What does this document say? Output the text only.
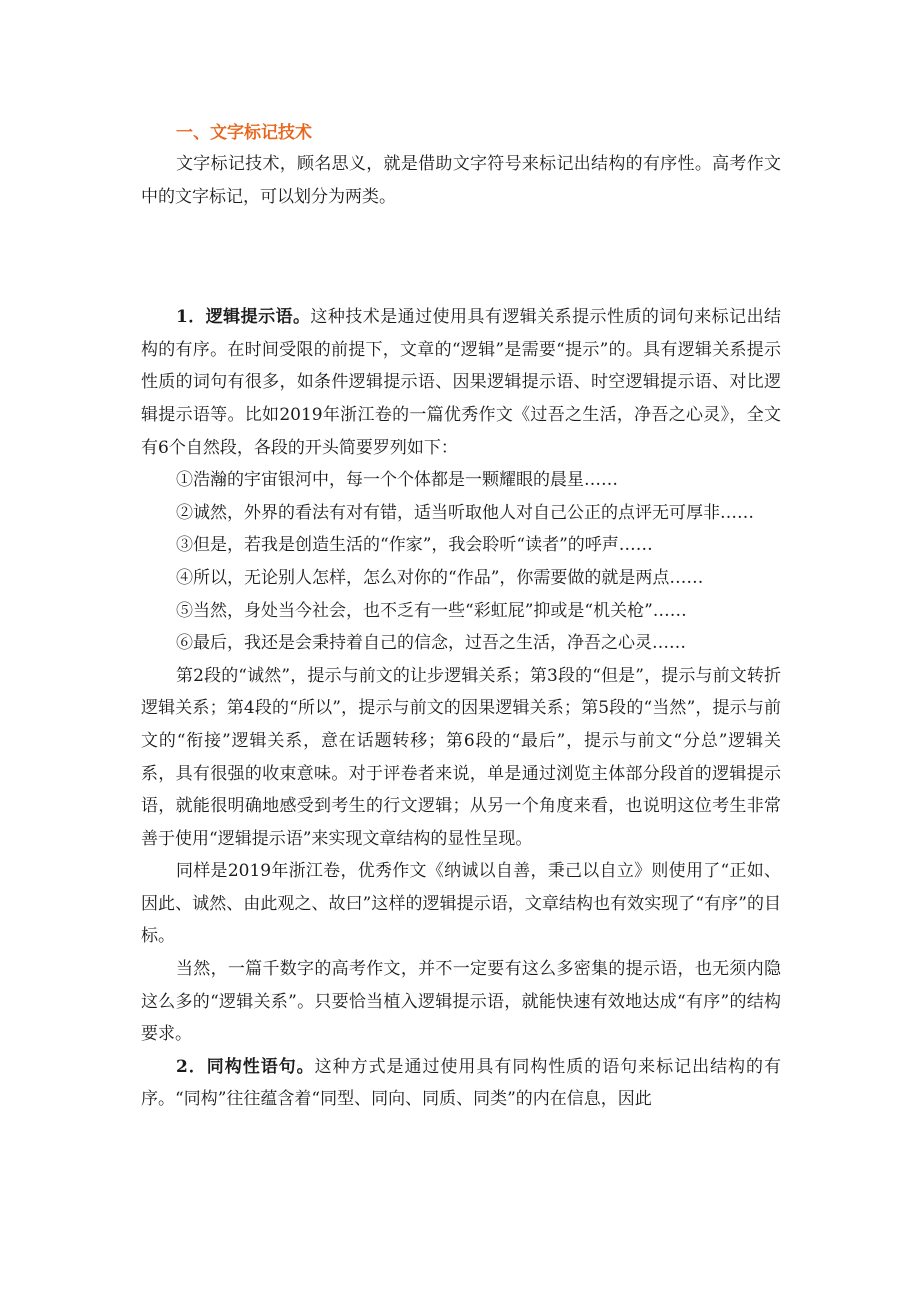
一、文字标记技术

文字标记技术，顾名思义，就是借助文字符号来标记出结构的有序性。高考作文中的文字标记，可以划分为两类。

1．逻辑提示语。这种技术是通过使用具有逻辑关系提示性质的词句来标记出结构的有序。在时间受限的前提下，文章的“逻辑”是需要“提示”的。具有逻辑关系提示性质的词句有很多，如条件逻辑提示语、因果逻辑提示语、时空逻辑提示语、对比逻辑提示语等。比如2019年浙江卷的一篇优秀作文《过吾之生活，净吾之心灵》，全文有6个自然段，各段的开头简要罗列如下：

①浩瀚的宇宙银河中，每一个个体都是一颗耀眼的晨星……

②诚然，外界的看法有对有错，适当听取他人对自己公正的点评无可厚非……

③但是，若我是创造生活的“作家”，我会聆听“读者”的呼声……

④所以，无论别人怎样，怎么对你的“作品”，你需要做的就是两点……

⑤当然，身处当今社会，也不乏有一些“彩虹屁”抑或是“机关枪”……

⑥最后，我还是会秉持着自己的信念，过吾之生活，净吾之心灵……

第2段的“诚然”，提示与前文的让步逻辑关系；第3段的“但是”，提示与前文转折逻辑关系；第4段的“所以”，提示与前文的因果逻辑关系；第5段的“当然”，提示与前文的“衔接”逻辑关系，意在话题转移；第6段的“最后”，提示与前文“分总”逻辑关系，具有很强的收束意味。对于评卷者来说，单是通过浏览主体部分段首的逻辑提示语，就能很明确地感受到考生的行文逻辑；从另一个角度来看，也说明这位考生非常善于使用“逻辑提示语”来实现文章结构的显性呈现。

同样是2019年浙江卷，优秀作文《纳诚以自善，秉己以自立》则使用了“正如、因此、诚然、由此观之、故曰”这样的逻辑提示语，文章结构也有效实现了“有序”的目标。

当然，一篇千数字的高考作文，并不一定要有这么多密集的提示语，也无须内隐这么多的“逻辑关系”。只要恰当植入逻辑提示语，就能快速有效地达成“有序”的结构要求。

2．同构性语句。这种方式是通过使用具有同构性质的语句来标记出结构的有序。“同构”往往蕴含着“同型、同向、同质、同类”的内在信息，因此
